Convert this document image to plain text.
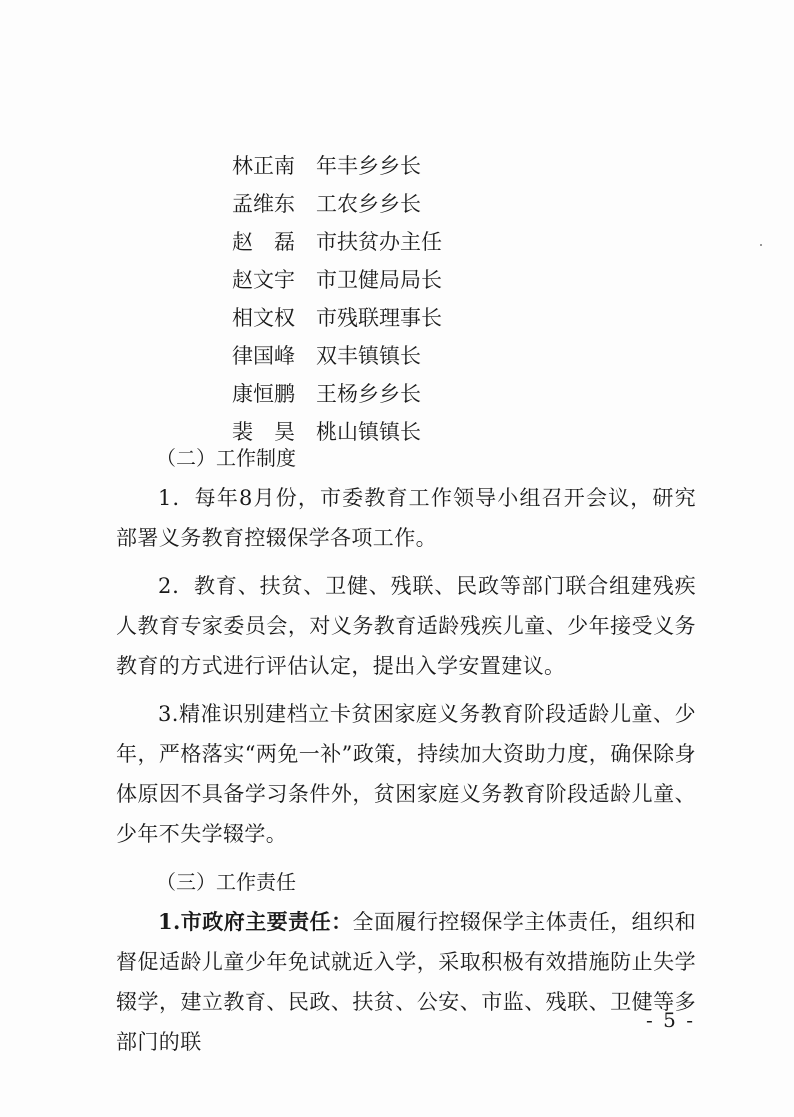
林正南	年丰乡乡长
孟维东	工农乡乡长
赵　磊	市扶贫办主任
赵文宇	市卫健局局长
相文权	市残联理事长
律国峰	双丰镇镇长
康恒鹏	王杨乡乡长
裴　昊	桃山镇镇长
（二）工作制度

1．每年8月份，市委教育工作领导小组召开会议，研究部署义务教育控辍保学各项工作。

2．教育、扶贫、卫健、残联、民政等部门联合组建残疾人教育专家委员会，对义务教育适龄残疾儿童、少年接受义务教育的方式进行评估认定，提出入学安置建议。

3.精准识别建档立卡贫困家庭义务教育阶段适龄儿童、少年，严格落实“两免一补”政策，持续加大资助力度，确保除身体原因不具备学习条件外，贫困家庭义务教育阶段适龄儿童、少年不失学辍学。

（三）工作责任

1.市政府主要责任：全面履行控辍保学主体责任，组织和督促适龄儿童少年免试就近入学，采取积极有效措施防止失学辍学，建立教育、民政、扶贫、公安、市监、残联、卫健等多部门的联

- 5 -
